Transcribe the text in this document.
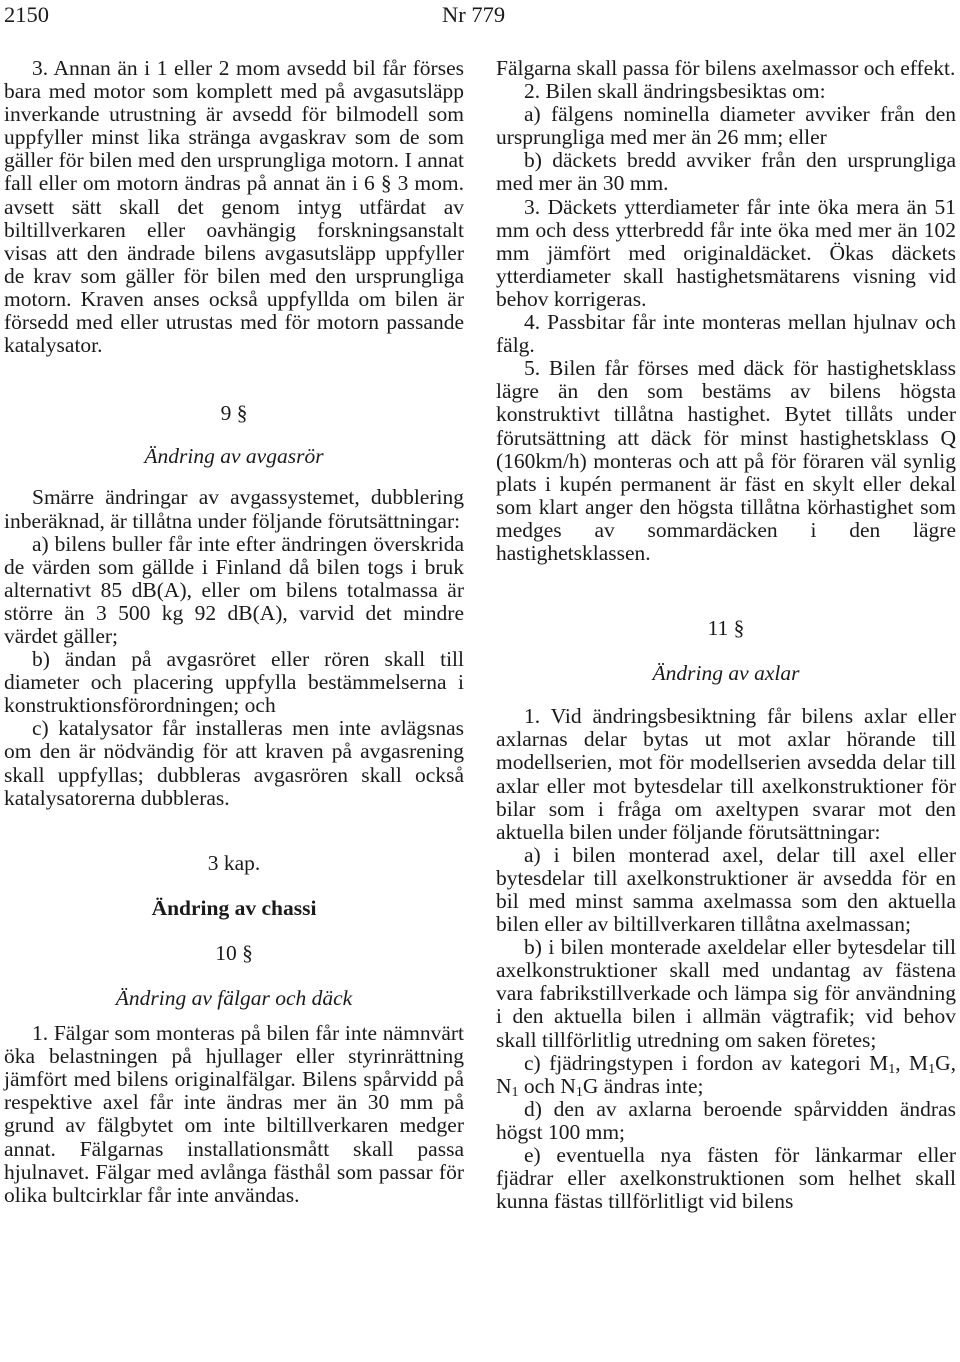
2150	Nr 779

3. Annan än i 1 eller 2 mom avsedd bil får förses bara med motor som komplett med på avgasutsläpp inverkande utrustning är avsedd för bilmodell som uppfyller minst lika stränga avgaskrav som de som gäller för bilen med den ursprungliga motorn. I annat fall eller om motorn ändras på annat än i 6 § 3 mom. avsett sätt skall det genom intyg utfärdat av biltillverkaren eller oavhängig forskningsanstalt visas att den ändrade bilens avgasutsläpp uppfyller de krav som gäller för bilen med den ursprungliga motorn. Kraven anses också uppfyllda om bilen är försedd med eller utrustas med för motorn passande katalysator.

9 §

Ändring av avgasrör

Smärre ändringar av avgassystemet, dubblering inberäknad, är tillåtna under följande förutsättningar:

a) bilens buller får inte efter ändringen överskrida de värden som gällde i Finland då bilen togs i bruk alternativt 85 dB(A), eller om bilens totalmassa är större än 3 500 kg 92 dB(A), varvid det mindre värdet gäller;

b) ändan på avgasröret eller rören skall till diameter och placering uppfylla bestämmelserna i konstruktionsförordningen; och

c) katalysator får installeras men inte avlägsnas om den är nödvändig för att kraven på avgasrening skall uppfyllas; dubbleras avgasrören skall också katalysatorerna dubbleras.

3 kap.

Ändring av chassi

10 §

Ändring av fälgar och däck

1. Fälgar som monteras på bilen får inte nämnvärt öka belastningen på hjullager eller styrinrättning jämfört med bilens originalfälgar. Bilens spårvidd på respektive axel får inte ändras mer än 30 mm på grund av fälgbytet om inte biltillverkaren medger annat. Fälgarnas installationsmått skall passa hjulnavet. Fälgar med avlånga fästhål som passar för olika bultcirklar får inte användas.

Fälgarna skall passa för bilens axelmassor och effekt.

2. Bilen skall ändringsbesiktas om:

a) fälgens nominella diameter avviker från den ursprungliga med mer än 26 mm; eller

b) däckets bredd avviker från den ursprungliga med mer än 30 mm.

3. Däckets ytterdiameter får inte öka mera än 51 mm och dess ytterbredd får inte öka med mer än 102 mm jämfört med originaldäcket. Ökas däckets ytterdiameter skall hastighetsmätarens visning vid behov korrigeras.

4. Passbitar får inte monteras mellan hjulnav och fälg.

5. Bilen får förses med däck för hastighetsklass lägre än den som bestäms av bilens högsta konstruktivt tillåtna hastighet. Bytet tillåts under förutsättning att däck för minst hastighetsklass Q (160km/h) monteras och att på för föraren väl synlig plats i kupén permanent är fäst en skylt eller dekal som klart anger den högsta tillåtna körhastighet som medges av sommardäcken i den lägre hastighetsklassen.

11 §

Ändring av axlar

1. Vid ändringsbesiktning får bilens axlar eller axlarnas delar bytas ut mot axlar hörande till modellserien, mot för modellserien avsedda delar till axlar eller mot bytesdelar till axelkonstruktioner för bilar som i fråga om axeltypen svarar mot den aktuella bilen under följande förutsättningar:

a) i bilen monterad axel, delar till axel eller bytesdelar till axelkonstruktioner är avsedda för en bil med minst samma axelmassa som den aktuella bilen eller av biltillverkaren tillåtna axelmassan;

b) i bilen monterade axeldelar eller bytesdelar till axelkonstruktioner skall med undantag av fästena vara fabrikstillverkade och lämpa sig för användning i den aktuella bilen i allmän vägtrafik; vid behov skall tillförlitlig utredning om saken företes;

c) fjädringstypen i fordon av kategori $M_1$, $M_1G$, $N_1$ och $N_1G$ ändras inte;

d) den av axlarna beroende spårvidden ändras högst 100 mm;

e) eventuella nya fästen för länkarmar eller fjädrar eller axelkonstruktionen som helhet skall kunna fästas tillförlitligt vid bilens
